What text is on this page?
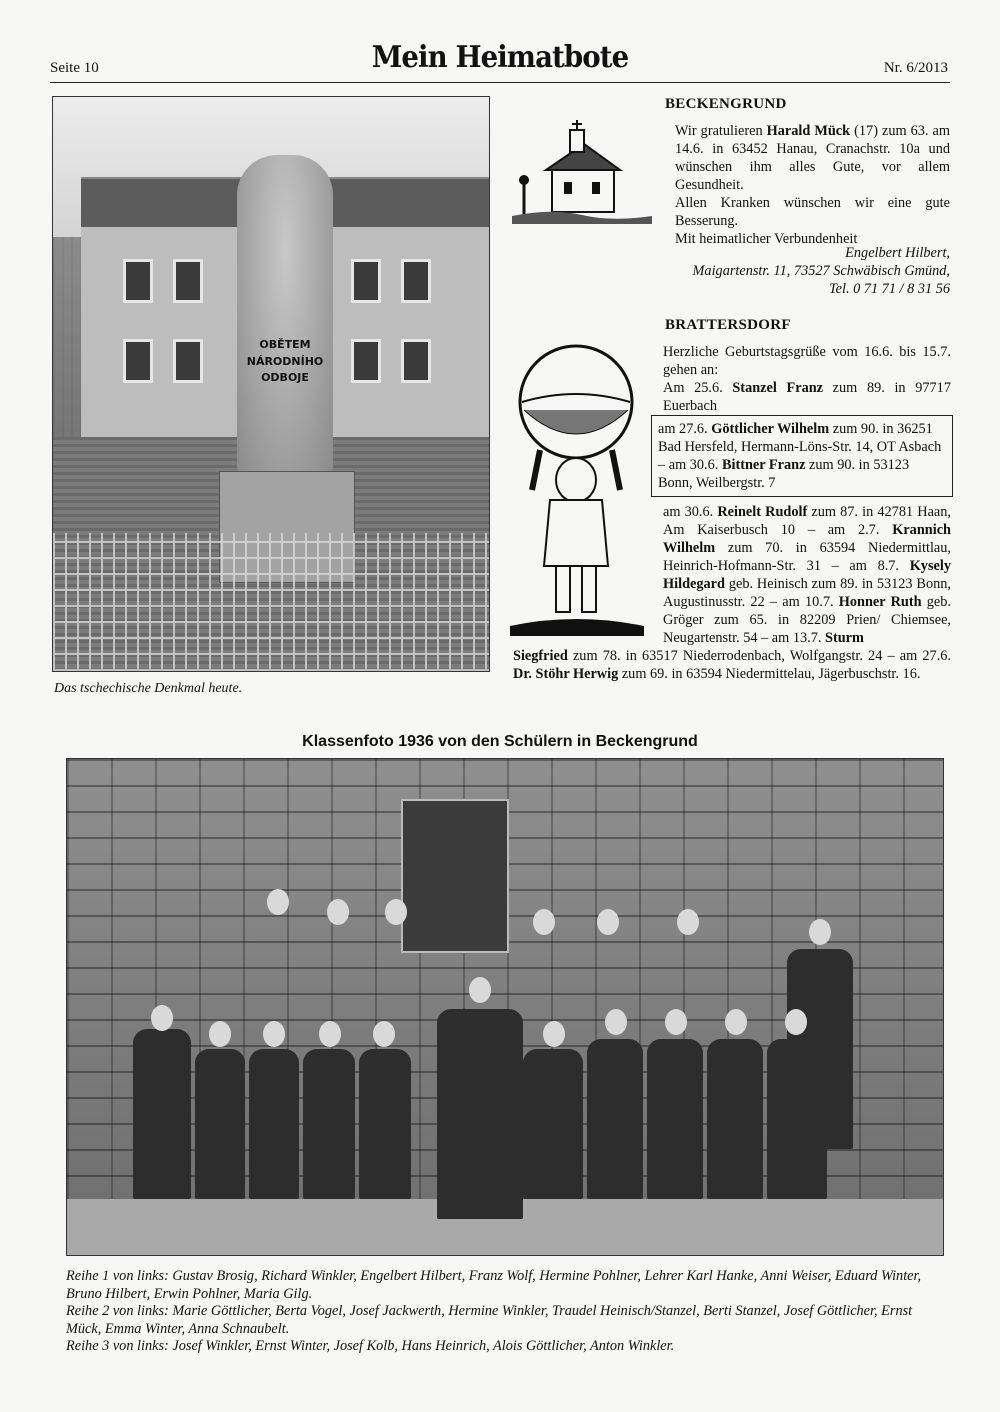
Seite 10	Mein Heimatbote	Nr. 6/2013
OBĚTEM
NÁRODNÍHO ODBOJE
Das tschechische Denkmal heute.
BECKENGRUND
Wir gratulieren Harald Mück (17) zum 63. am 14.6. in 63452 Hanau, Cranachstr. 10a und wünschen ihm alles Gute, vor allem Gesundheit.
Allen Kranken wünschen wir eine gute Besserung.
Mit heimatlicher Verbundenheit
Engelbert Hilbert,
Maigartenstr. 11, 73527 Schwäbisch Gmünd,
Tel. 0 71 71 / 8 31 56
BRATTERSDORF
Herzliche Geburtstagsgrüße vom 16.6. bis 15.7. gehen an:
Am 25.6. Stanzel Franz zum 89. in 97717 Euerbach
am 27.6. Göttlicher Wilhelm zum 90. in 36251 Bad Hersfeld, Hermann-Löns-Str. 14, OT Asbach – am 30.6. Bittner Franz zum 90. in 53123 Bonn, Weilbergstr. 7
am 30.6. Reinelt Rudolf zum 87. in 42781 Haan, Am Kaiserbusch 10 – am 2.7. Krannich Wilhelm zum 70. in 63594 Niedermittlau, Heinrich-Hofmann-Str. 31 – am 8.7. Kysely Hildegard geb. Heinisch zum 89. in 53123 Bonn, Augustinusstr. 22 – am 10.7. Honner Ruth geb. Gröger zum 65. in 82209 Prien/ Chiemsee, Neugartenstr. 54 – am 13.7. Sturm
Siegfried zum 78. in 63517 Niederrodenbach, Wolfgangstr. 24 – am 27.6. Dr. Stöhr Herwig zum 69. in 63594 Niedermittelau, Jägerbuschstr. 16.
Klassenfoto 1936 von den Schülern in Beckengrund

Reihe 1 von links: Gustav Brosig, Richard Winkler, Engelbert Hilbert, Franz Wolf, Hermine Pohlner, Lehrer Karl Hanke, Anni Weiser, Eduard Winter, Bruno Hilbert, Erwin Pohlner, Maria Gilg.

Reihe 2 von links: Marie Göttlicher, Berta Vogel, Josef Jackwerth, Hermine Winkler, Traudel Heinisch/Stanzel, Berti Stanzel, Josef Göttlicher, Ernst Mück, Emma Winter, Anna Schnaubelt.

Reihe 3 von links: Josef Winkler, Ernst Winter, Josef Kolb, Hans Heinrich, Alois Göttlicher, Anton Winkler.
